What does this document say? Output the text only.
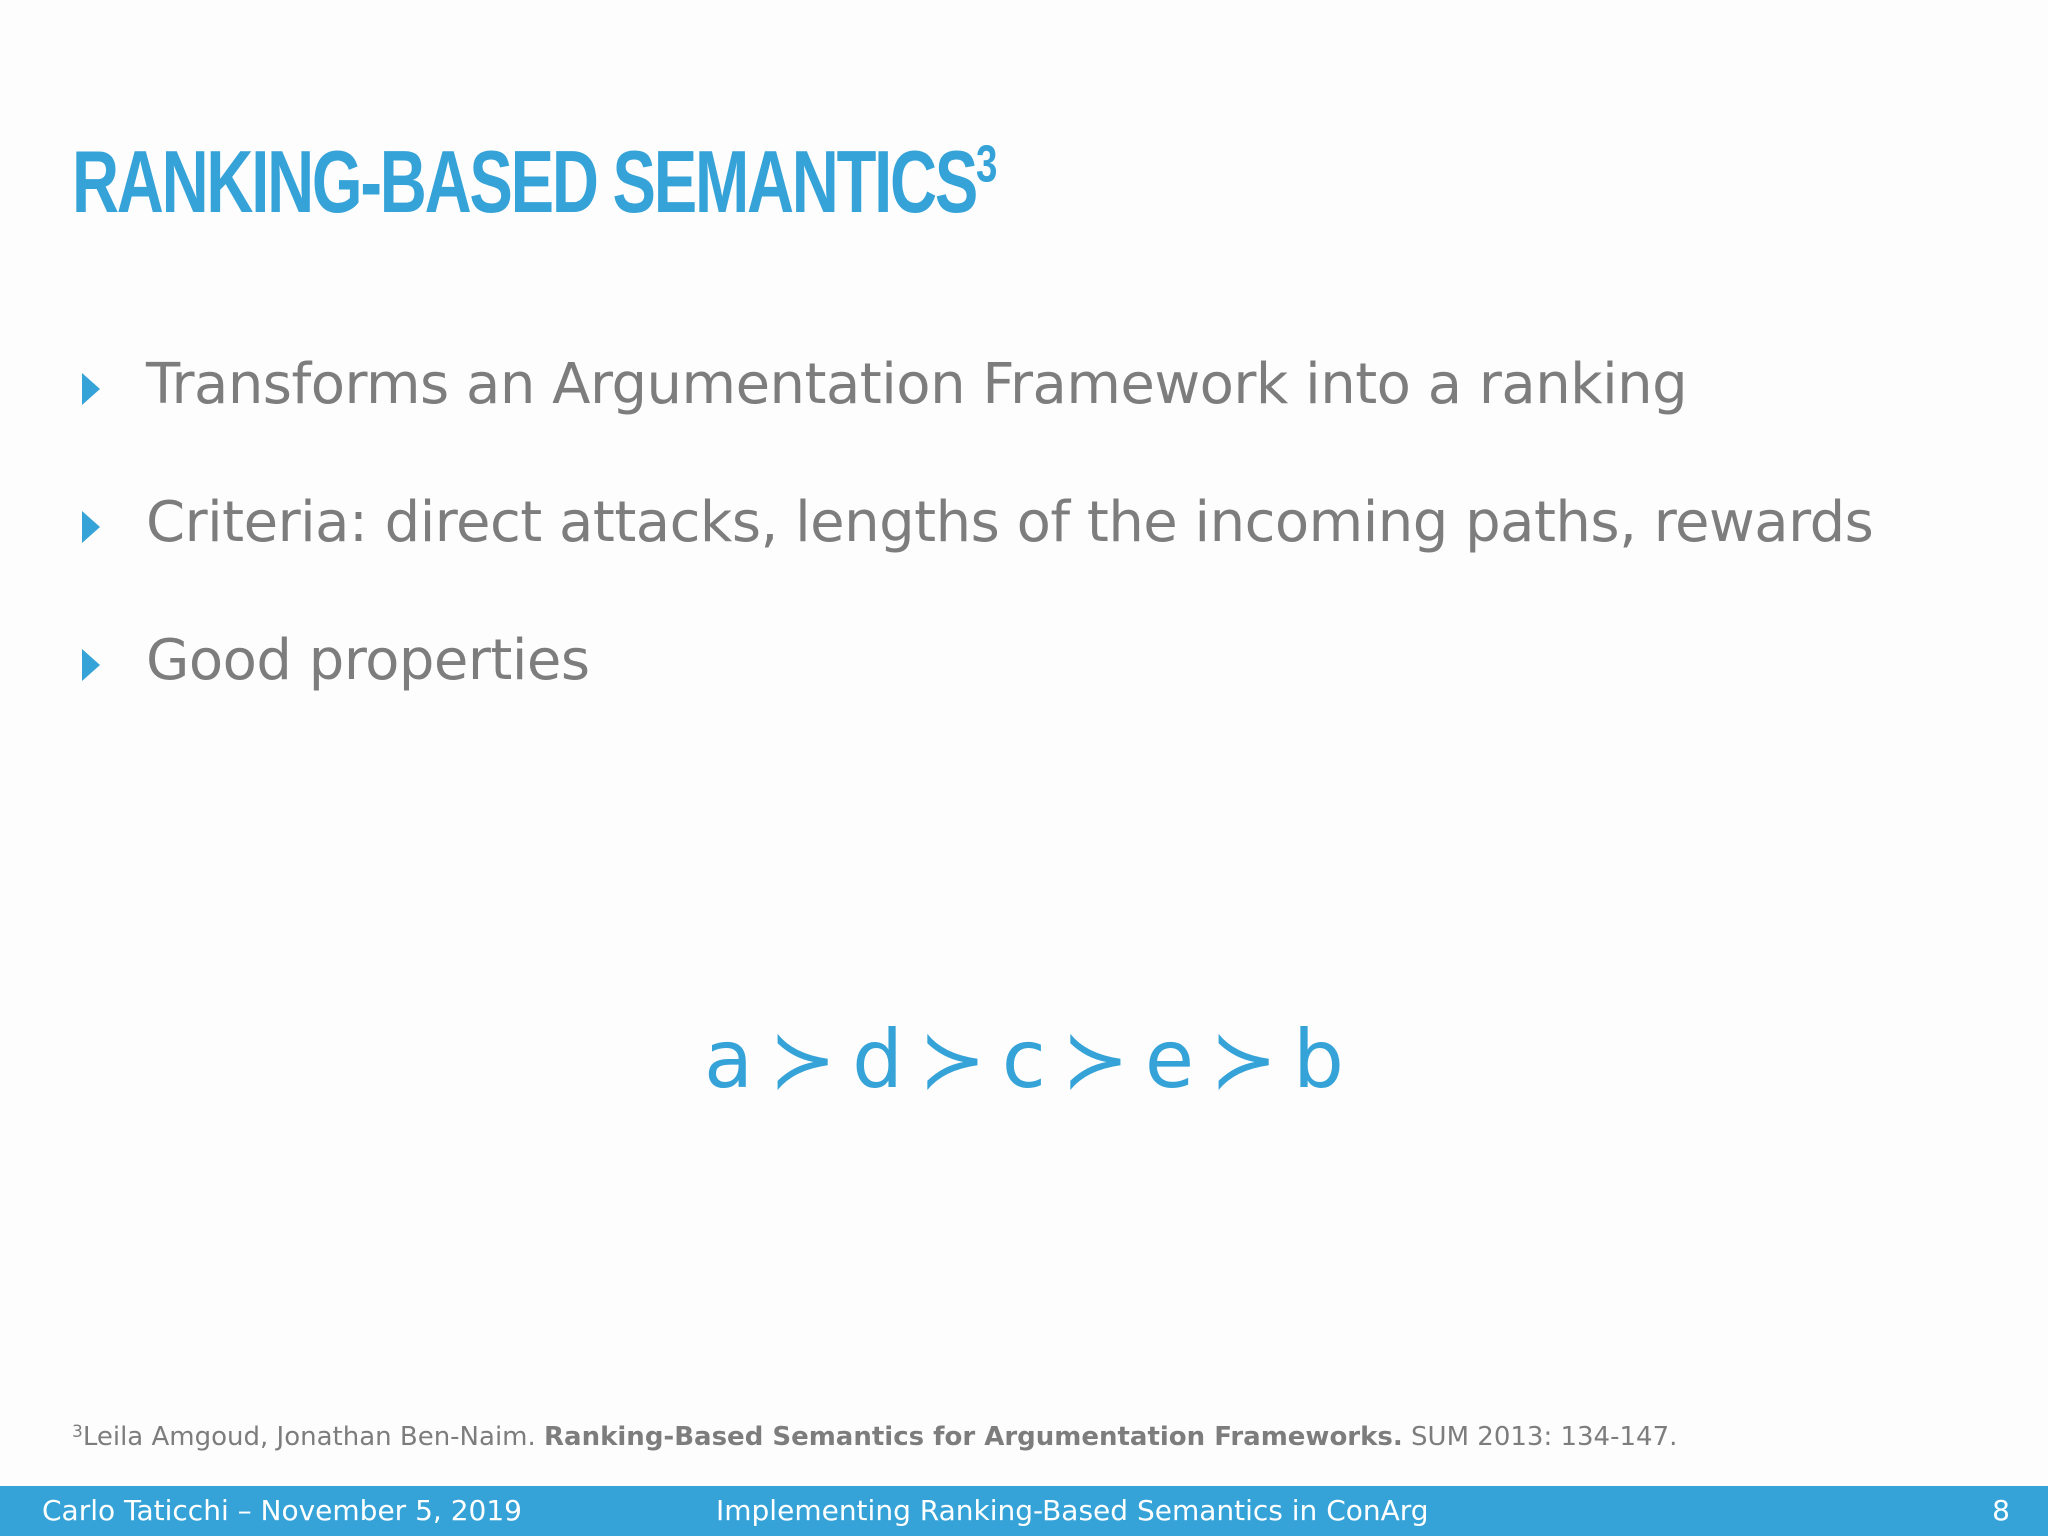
RANKING-BASED SEMANTICS$^3$
Transforms an Argumentation Framework into a ranking
Criteria: direct attacks, lengths of the incoming paths, rewards
Good properties
a ≻ d ≻ c ≻ e ≻ b
$^3$Leila Amgoud, Jonathan Ben-Naim. Ranking-Based Semantics for Argumentation Frameworks. SUM 2013: 134-147.
Carlo Taticchi – November 5, 2019	Implementing Ranking-Based Semantics in ConArg	8
